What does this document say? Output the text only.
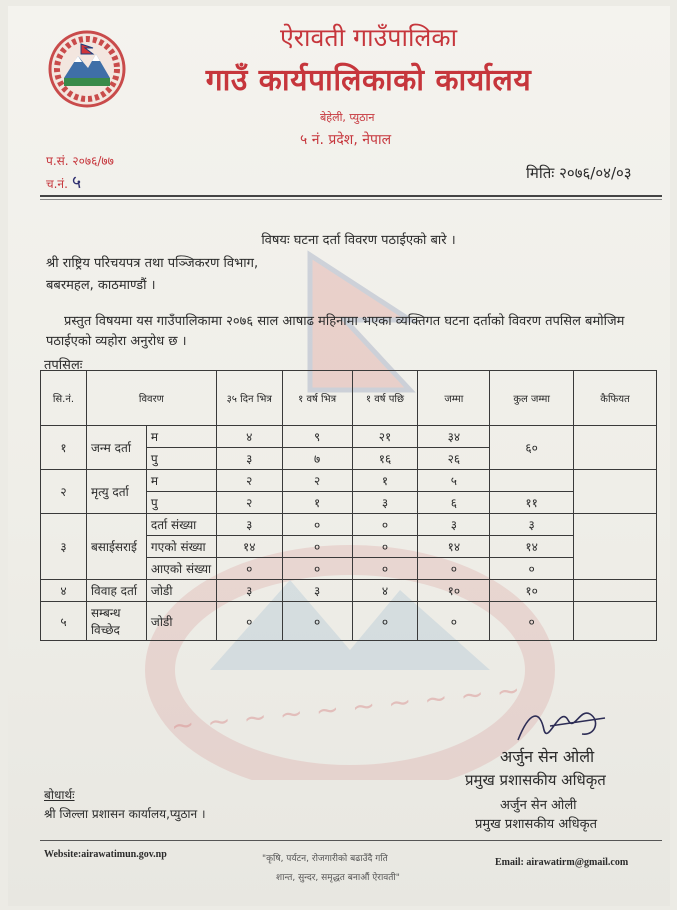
ऐरावती गाउँपालिका
गाउँ कार्यपालिकाको कार्यालय
बेहेली, प्युठान
५ नं. प्रदेश, नेपाल
प.सं. २०७६/७७
च.नं. ५	मितिः २०७६/०४/०३
विषयः घटना दर्ता विवरण पठाईएको बारे ।
श्री राष्ट्रिय परिचयपत्र तथा पञ्जिकरण विभाग,
बबरमहल, काठमाण्डौं ।
प्रस्तुत विषयमा यस गाउँपालिकामा २०७६ साल आषाढ महिनामा भएका व्यक्तिगत घटना दर्ताको विवरण तपसिल बमोजिम पठाईएको व्यहोरा अनुरोध छ ।
तपसिलः
सि.नं.	विवरण		३५ दिन भित्र	१ वर्ष भित्र	१ वर्ष पछि	जम्मा	कुल जम्मा	कैफियत
१	जन्म दर्ता	म	४	९	२१	३४	६०	
		पु	३	७	१६	२६		
२	मृत्यु दर्ता	म	२	२	१	५		
		पु	२	१	३	६	११	
३	बसाईसराई	दर्ता संख्या	३	०	०	३	३	
		गएको संख्या	१४	०	०	१४	१४	
		आएको संख्या	०	०	०	०	०	
४	विवाह दर्ता	जोडी	३	३	४	१०	१०	
५	सम्बन्ध विच्छेद	जोडी	०	०	०	०	०	
~ ~ ~ ~ ~ ~ ~ ~ ~ ~
अर्जुन सेन ओली
प्रमुख प्रशासकीय अधिकृत
अर्जुन सेन ओली
प्रमुख प्रशासकीय अधिकृत
बोधार्थः
श्री जिल्ला प्रशासन कार्यालय,प्युठान ।
Website:airawatimun.gov.np	"कृषि, पर्यटन, रोजगारीको बढाउँदै गति
शान्त, सुन्दर, समृद्धत बनाऔं ऐरावती"
Email: airawatirm@gmail.com
